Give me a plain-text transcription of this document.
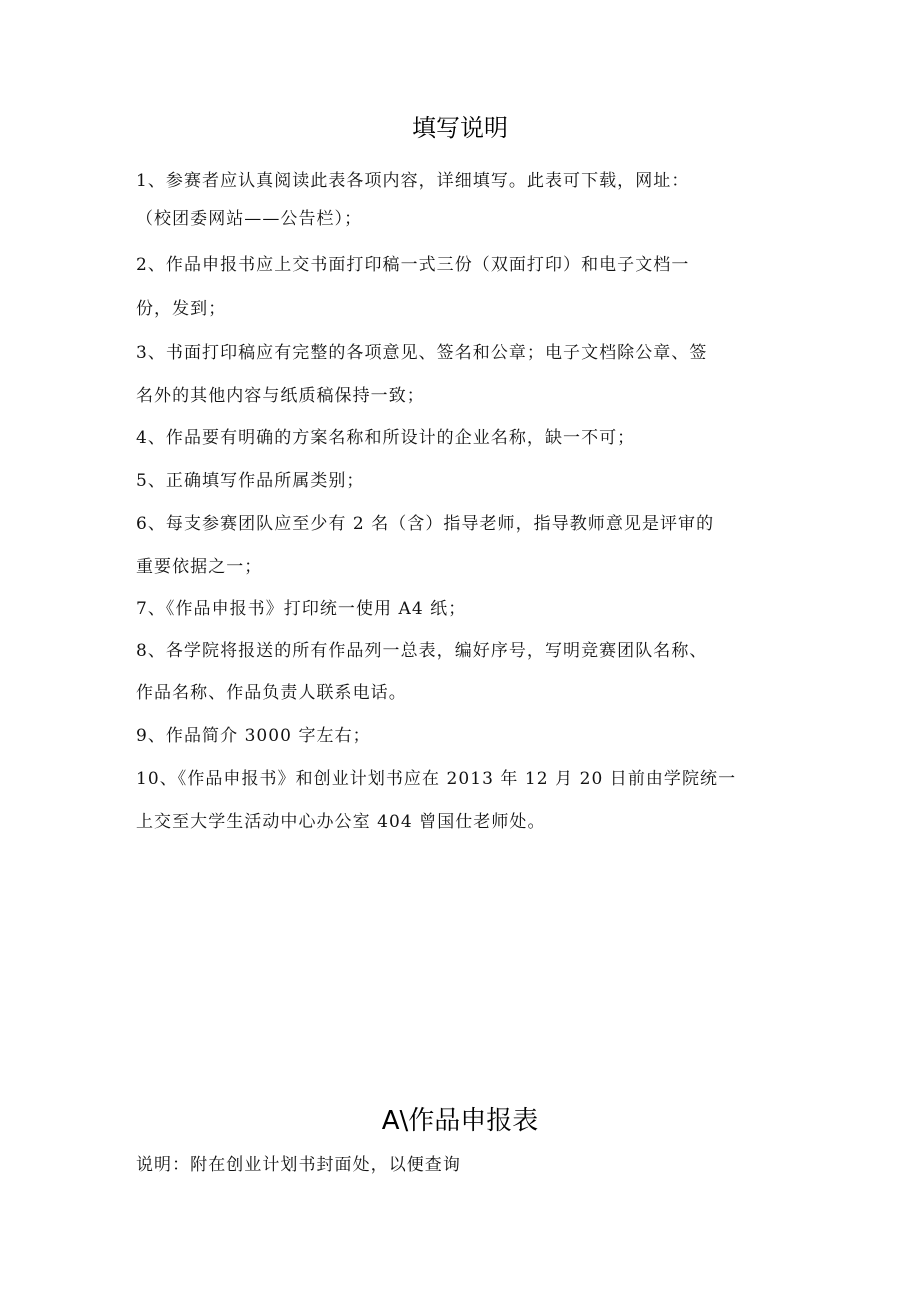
填写说明
1、参赛者应认真阅读此表各项内容，详细填写。此表可下载，网址：
（校团委网站——公告栏）；
2、作品申报书应上交书面打印稿一式三份（双面打印）和电子文档一
份，发到；
3、书面打印稿应有完整的各项意见、签名和公章；电子文档除公章、签
名外的其他内容与纸质稿保持一致；
4、作品要有明确的方案名称和所设计的企业名称，缺一不可；
5、正确填写作品所属类别；
6、每支参赛团队应至少有 2 名（含）指导老师，指导教师意见是评审的
重要依据之一；
7、《作品申报书》打印统一使用 A4 纸；
8、各学院将报送的所有作品列一总表，编好序号，写明竞赛团队名称、
作品名称、作品负责人联系电话。
9、作品简介 3000 字左右；
10、《作品申报书》和创业计划书应在 2013 年 12 月 20 日前由学院统一
上交至大学生活动中心办公室 404 曾国仕老师处。
A\作品申报表
说明：附在创业计划书封面处，以便查询
